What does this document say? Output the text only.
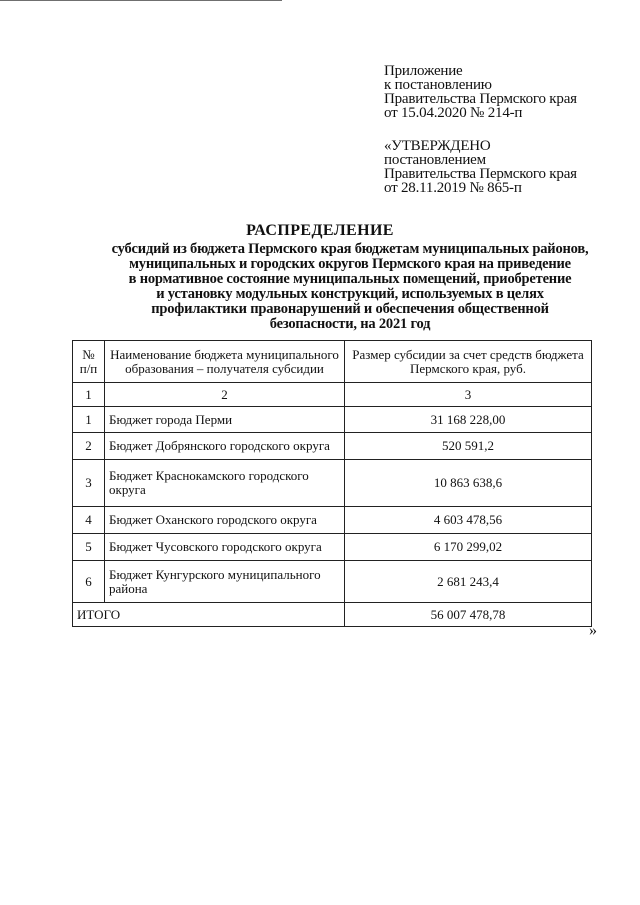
Приложение
к постановлению
Правительства Пермского края
от 15.04.2020 № 214-п
«УТВЕРЖДЕНО
постановлением
Правительства Пермского края
от 28.11.2019 № 865-п
РАСПРЕДЕЛЕНИЕ
субсидий из бюджета Пермского края бюджетам муниципальных районов,
муниципальных и городских округов Пермского края на приведение
в нормативное состояние муниципальных помещений, приобретение
и установку модульных конструкций, используемых в целях
профилактики правонарушений и обеспечения общественной
безопасности, на 2021 год
№ п/п	Наименование бюджета муниципального образования – получателя субсидии	Размер субсидии за счет средств бюджета Пермского края, руб.
1	2	3
1	Бюджет города Перми	31 168 228,00
2	Бюджет Добрянского городского округа	520 591,2
3	Бюджет Краснокамского городского округа	10 863 638,6
4	Бюджет Оханского городского округа	4 603 478,56
5	Бюджет Чусовского городского округа	6 170 299,02
6	Бюджет Кунгурского муниципального района	2 681 243,4
ИТОГО		56 007 478,78
»
